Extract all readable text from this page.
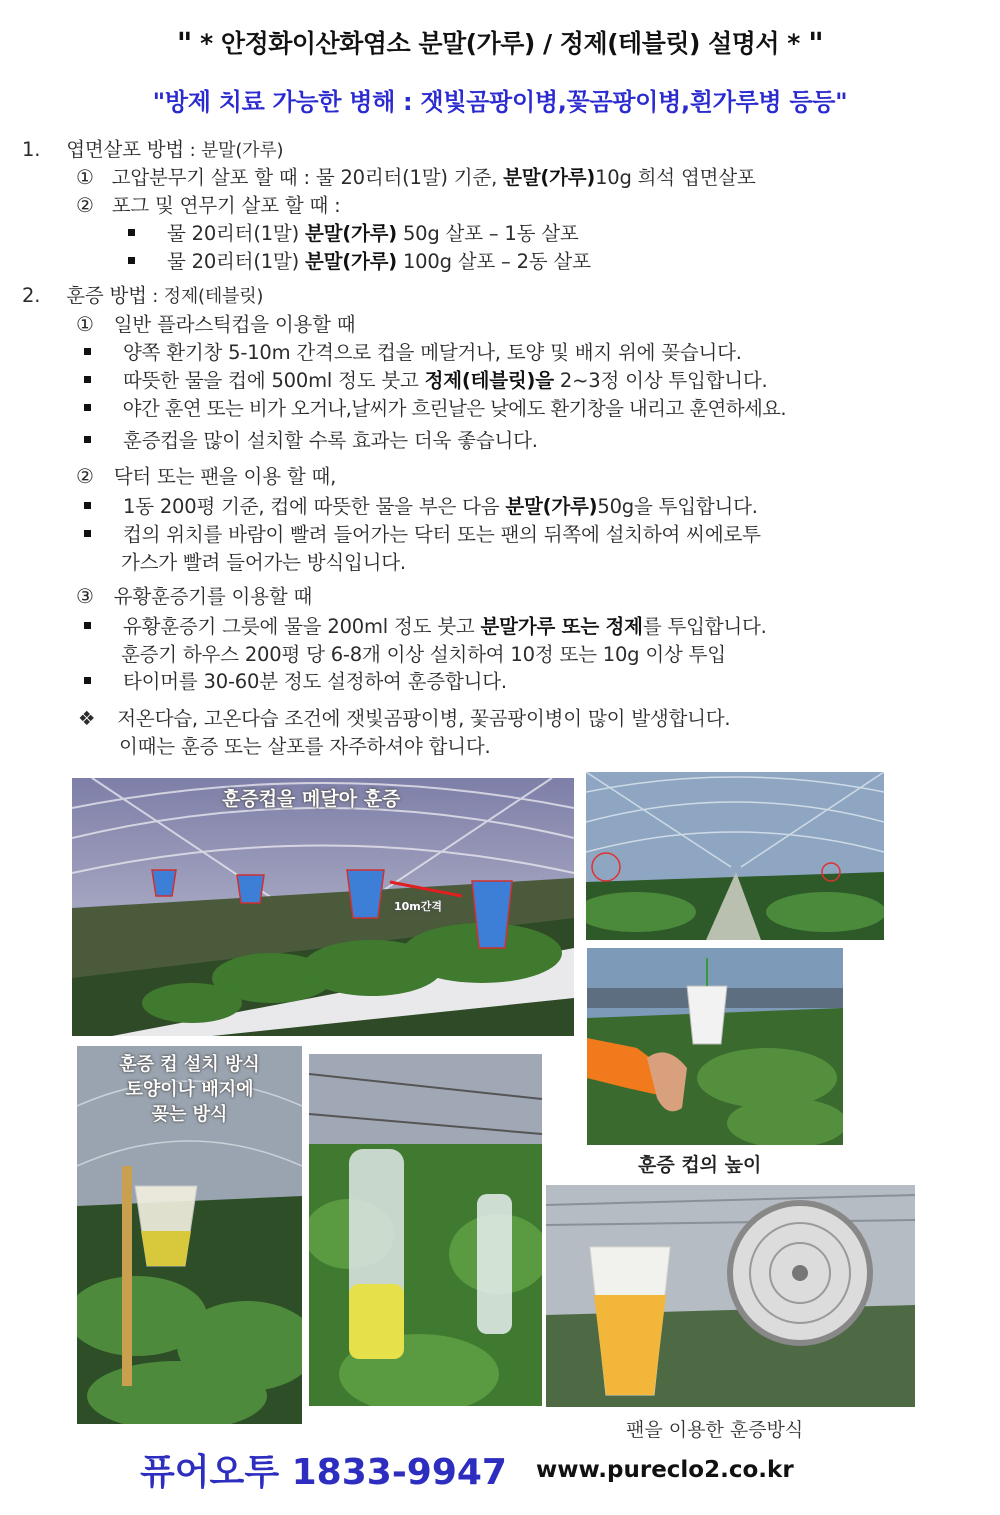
" * 안정화이산화염소 분말(가루) / 정제(테블릿) 설명서 * "
"방제 치료 가능한 병해 : 잿빛곰팡이병,꽃곰팡이병,흰가루병 등등"
1. 엽면살포 방법 : 분말(가루)
① 고압분무기 살포 할 때 : 물 20리터(1말) 기준, 분말(가루)10g 희석 엽면살포
② 포그 및 연무기 살포 할 때 :
물 20리터(1말) 분말(가루) 50g 살포 – 1동 살포
물 20리터(1말) 분말(가루) 100g 살포 – 2동 살포
2. 훈증 방법 : 정제(테블릿)
① 일반 플라스틱컵을 이용할 때
양쪽 환기창 5-10m 간격으로 컵을 메달거나, 토양 및 배지 위에 꽂습니다.
따뜻한 물을 컵에 500ml 정도 붓고 정제(테블릿)을 2~3정 이상 투입합니다.
야간 훈연 또는 비가 오거나,날씨가 흐린날은 낮에도 환기창을 내리고 훈연하세요.
훈증컵을 많이 설치할 수록 효과는 더욱 좋습니다.
② 닥터 또는 팬을 이용 할 때,
1동 200평 기준, 컵에 따뜻한 물을 부은 다음 분말(가루)50g을 투입합니다.
컵의 위치를 바람이 빨려 들어가는 닥터 또는 팬의 뒤쪽에 설치하여 씨에로투
가스가 빨려 들어가는 방식입니다.
③ 유황훈증기를 이용할 때
유황훈증기 그릇에 물을 200ml 정도 붓고 분말가루 또는 정제를 투입합니다.
훈증기 하우스 200평 당 6-8개 이상 설치하여 10정 또는 10g 이상 투입
타이머를 30-60분 정도 설정하여 훈증합니다.
❖ 저온다습, 고온다습 조건에 잿빛곰팡이병, 꽃곰팡이병이 많이 발생합니다.
이때는 훈증 또는 살포를 자주하셔야 합니다.
훈증컵을 메달아 훈증
10m간격
훈증 컵의 높이
훈증 컵 설치 방식
토양이나 배지에
꽂는 방식
팬을 이용한 훈증방식
퓨어오투 1833-9947 www.pureclo2.co.kr
